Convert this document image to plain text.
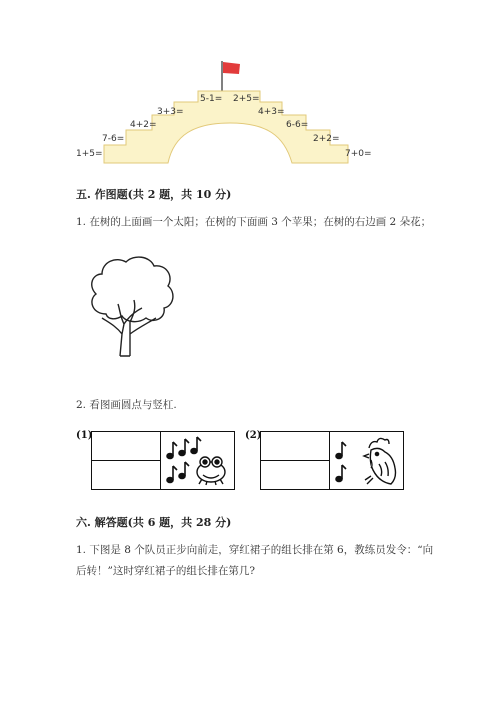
1+5=
7-6=
4+2=
3+3=
5-1= 2+5=
4+3=
6-6=
2+2=
7+0=
五. 作图题(共 2 题，共 10 分)
1. 在树的上面画一个太阳；在树的下面画 3 个苹果；在树的右边画 2 朵花；
2. 看图画圆点与竖杠.
(1)	(2)
六. 解答题(共 6 题，共 28 分)
1. 下图是 8 个队员正步向前走，穿红裙子的组长排在第 6，教练员发令：“向
后转！”这时穿红裙子的组长排在第几?
